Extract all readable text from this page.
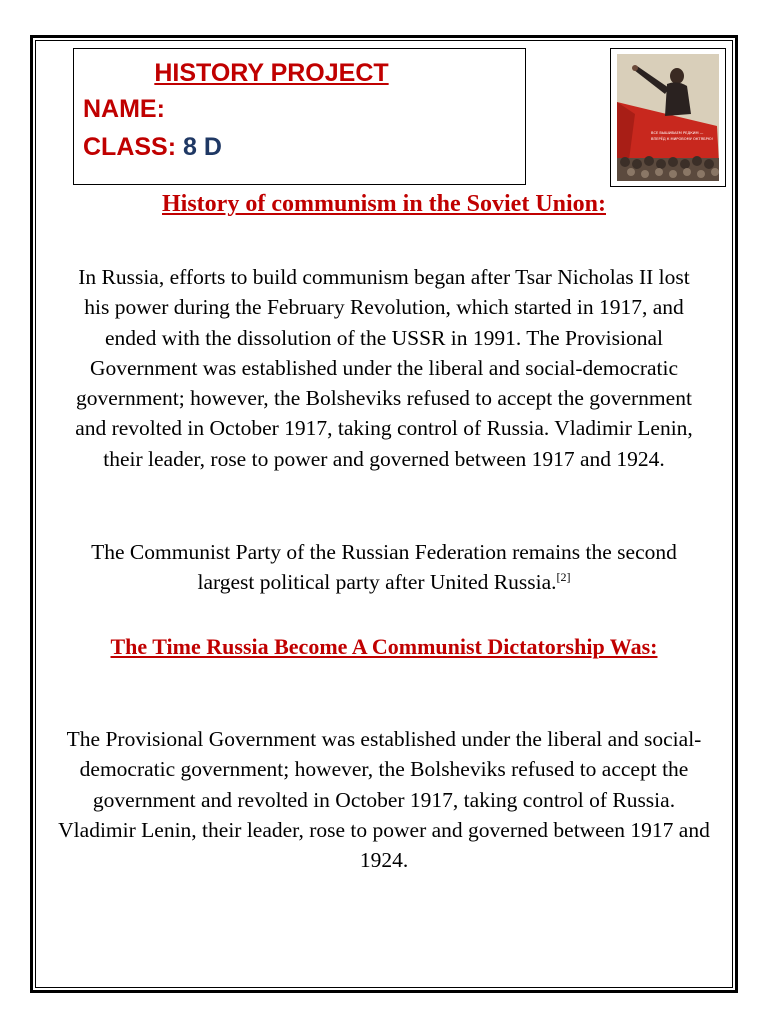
HISTORY PROJECT
NAME:
CLASS: 8 D	ВСЕ ВЫШИВАЕМ РЕДКИМ —
ВПЕРЁД К МИРОВОМУ ОКТЯБРЮ!
History of communism in the Soviet Union:
In Russia, efforts to build communism began after Tsar Nicholas II lost his power during the February Revolution, which started in 1917, and ended with the dissolution of the USSR in 1991. The Provisional Government was established under the liberal and social-democratic government; however, the Bolsheviks refused to accept the government and revolted in October 1917, taking control of Russia. Vladimir Lenin, their leader, rose to power and governed between 1917 and 1924.
The Communist Party of the Russian Federation remains the second largest political party after United Russia.[2]
The Time Russia Become A Communist Dictatorship Was:
The Provisional Government was established under the liberal and social-democratic government; however, the Bolsheviks refused to accept the government and revolted in October 1917, taking control of Russia. Vladimir Lenin, their leader, rose to power and governed between 1917 and 1924.
